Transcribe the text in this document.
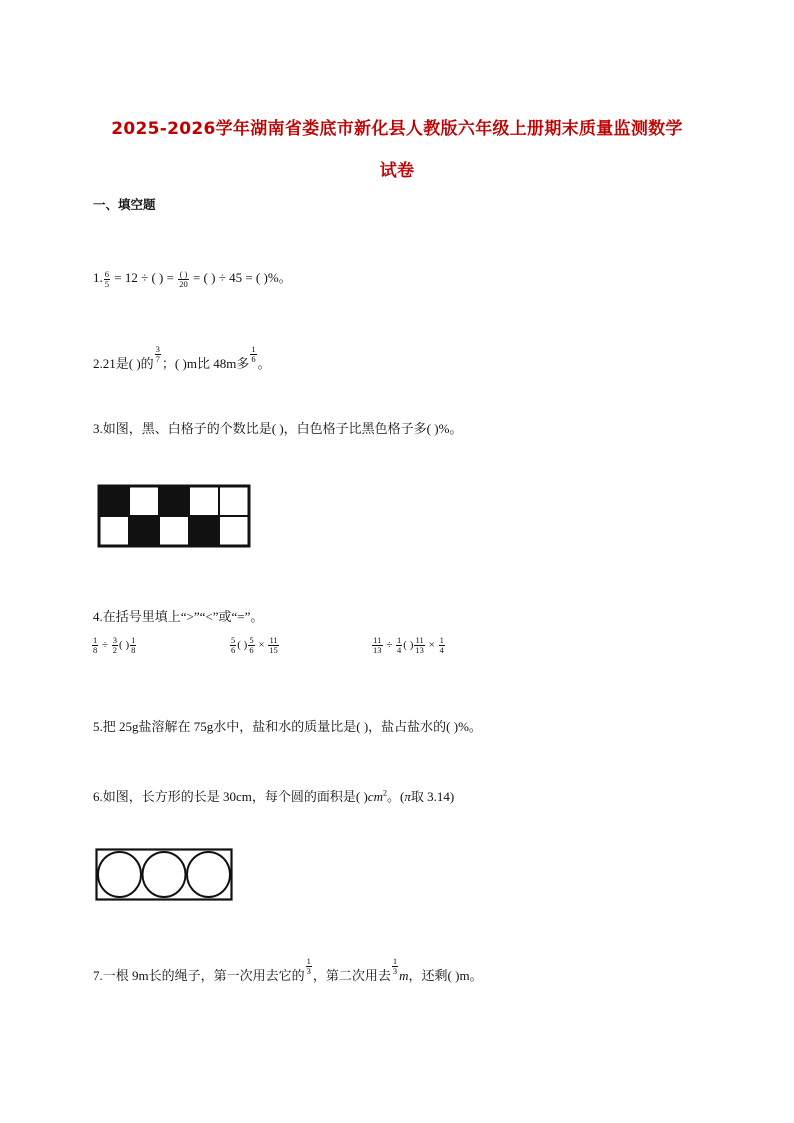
2025-2026学年湖南省娄底市新化县人教版六年级上册期末质量监测数学
试卷
一、填空题
1. $\frac{6}{5} = 12$ ÷ ( ) = $\frac{( )}{20}$ = ( ) ÷ 45 = ( )%。
2.21是( )的 $\frac{3}{7}$ ；( )m比 48m多 $\frac{1}{6}$ 。
3.如图，黑、白格子的个数比是( )，白色格子比黑色格子多( )%。
4.在括号里填上“>”“<”或“=”。
$\frac{1}{8} \div \frac{3}{2}$ ( ) $\frac{1}{8}$	$\frac{5}{6}$ ( ) $\frac{5}{6} \times \frac{11}{15}$	$\frac{11}{13} \div \frac{1}{4}$ ( ) $\frac{11}{13} \times \frac{1}{4}$
5.把 25g盐溶解在 75g水中，盐和水的质量比是( )，盐占盐水的( )%。
6.如图，长方形的长是 30cm，每个圆的面积是( )$cm^2$。(π取 3.14)
7.一根 9m长的绳子，第一次用去它的 $\frac{1}{3}$ ，第二次用去 $\frac{1}{3}$ m，还剩( )m。
